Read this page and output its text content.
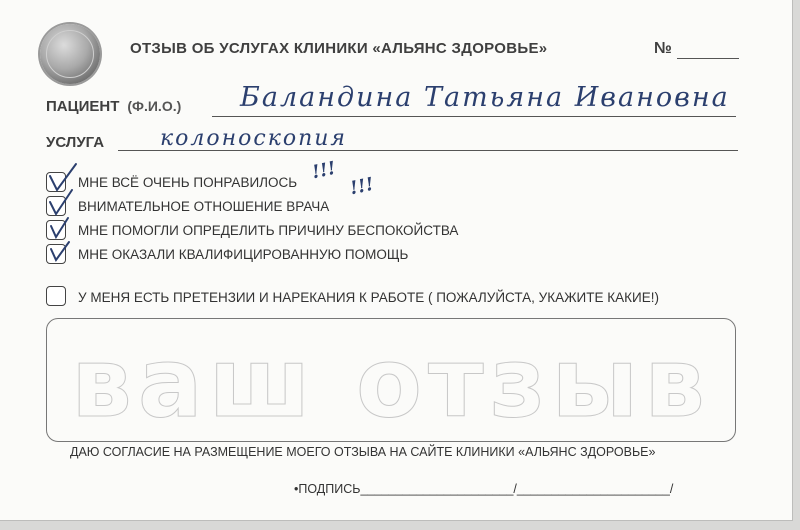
ОТЗЫВ ОБ УСЛУГАХ КЛИНИКИ «АЛЬЯНС ЗДОРОВЬЕ»	№
ПАЦИЕНТ (Ф.И.О.) Баландина Татьяна Ивановна
УСЛУГА	колоноскопия
МНЕ ВСЁ ОЧЕНЬ ПОНРАВИЛОСЬ !!!
ВНИМАТЕЛЬНОЕ ОТНОШЕНИЕ ВРАЧА
!!!
МНЕ ПОМОГЛИ ОПРЕДЕЛИТЬ ПРИЧИНУ БЕСПОКОЙСТВА
МНЕ ОКАЗАЛИ КВАЛИФИЦИРОВАННУЮ ПОМОЩЬ
У МЕНЯ ЕСТЬ ПРЕТЕНЗИИ И НАРЕКАНИЯ К РАБОТЕ ( ПОЖАЛУЙСТА, УКАЖИТЕ КАКИЕ!)
ваш отзыв
ДАЮ СОГЛАСИЕ НА РАЗМЕЩЕНИЕ МОЕГО ОТЗЫВА НА САЙТЕ КЛИНИКИ «АЛЬЯНС ЗДОРОВЬЕ»
•ПОДПИСЬ______________________/______________________/
